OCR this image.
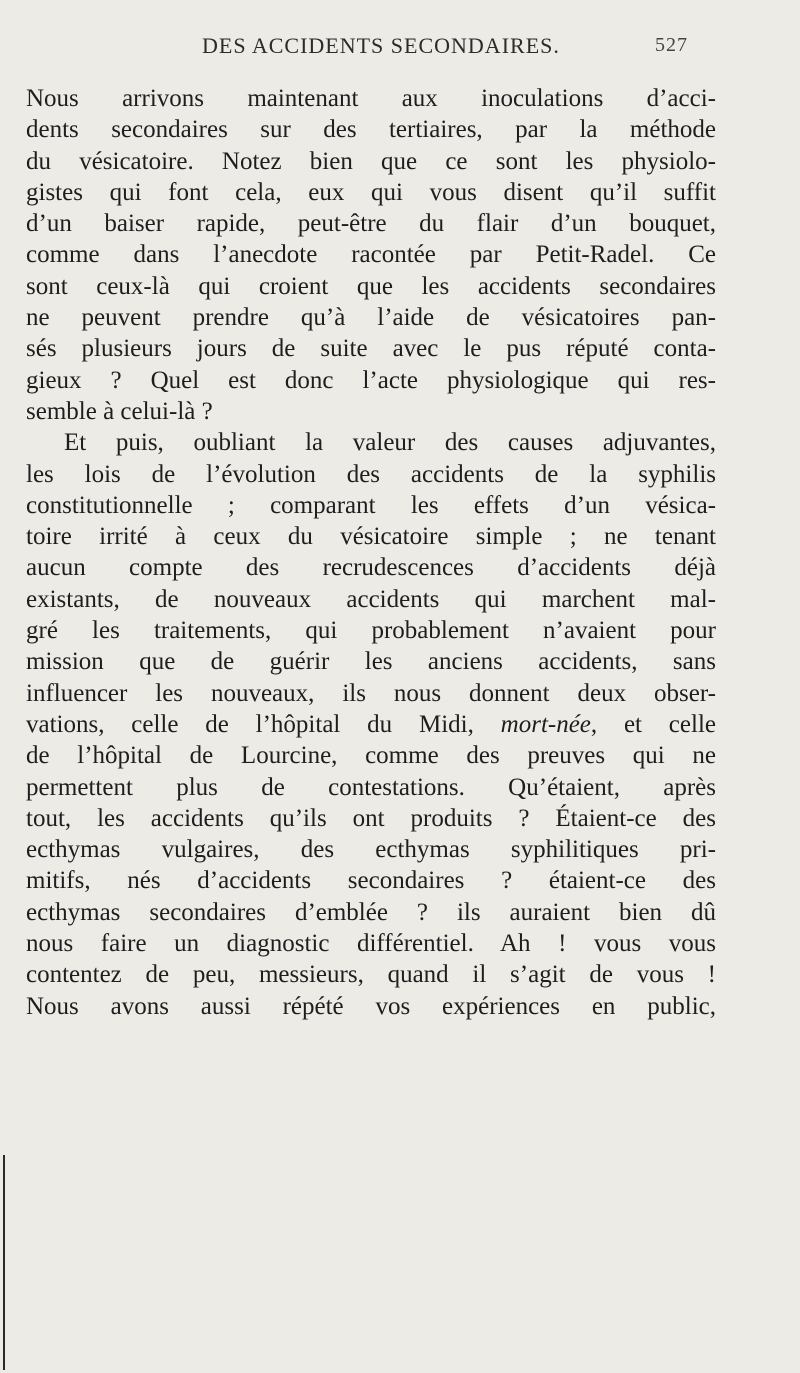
DES ACCIDENTS SECONDAIRES.	527
Nous arrivons maintenant aux inoculations d’acci-
dents secondaires sur des tertiaires, par la méthode
du vésicatoire. Notez bien que ce sont les physiolo-
gistes qui font cela, eux qui vous disent qu’il suffit
d’un baiser rapide, peut-être du flair d’un bouquet,
comme dans l’anecdote racontée par Petit-Radel. Ce
sont ceux-là qui croient que les accidents secondaires
ne peuvent prendre qu’à l’aide de vésicatoires pan-
sés plusieurs jours de suite avec le pus réputé conta-
gieux ? Quel est donc l’acte physiologique qui res-
semble à celui-là ?
Et puis, oubliant la valeur des causes adjuvantes,
les lois de l’évolution des accidents de la syphilis
constitutionnelle ; comparant les effets d’un vésica-
toire irrité à ceux du vésicatoire simple ; ne tenant
aucun compte des recrudescences d’accidents déjà
existants, de nouveaux accidents qui marchent mal-
gré les traitements, qui probablement n’avaient pour
mission que de guérir les anciens accidents, sans
influencer les nouveaux, ils nous donnent deux obser-
vations, celle de l’hôpital du Midi, mort-née, et celle
de l’hôpital de Lourcine, comme des preuves qui ne
permettent plus de contestations. Qu’étaient, après
tout, les accidents qu’ils ont produits ? Étaient-ce des
ecthymas vulgaires, des ecthymas syphilitiques pri-
mitifs, nés d’accidents secondaires ? étaient-ce des
ecthymas secondaires d’emblée ? ils auraient bien dû
nous faire un diagnostic différentiel. Ah ! vous vous
contentez de peu, messieurs, quand il s’agit de vous !
Nous avons aussi répété vos expériences en public,
